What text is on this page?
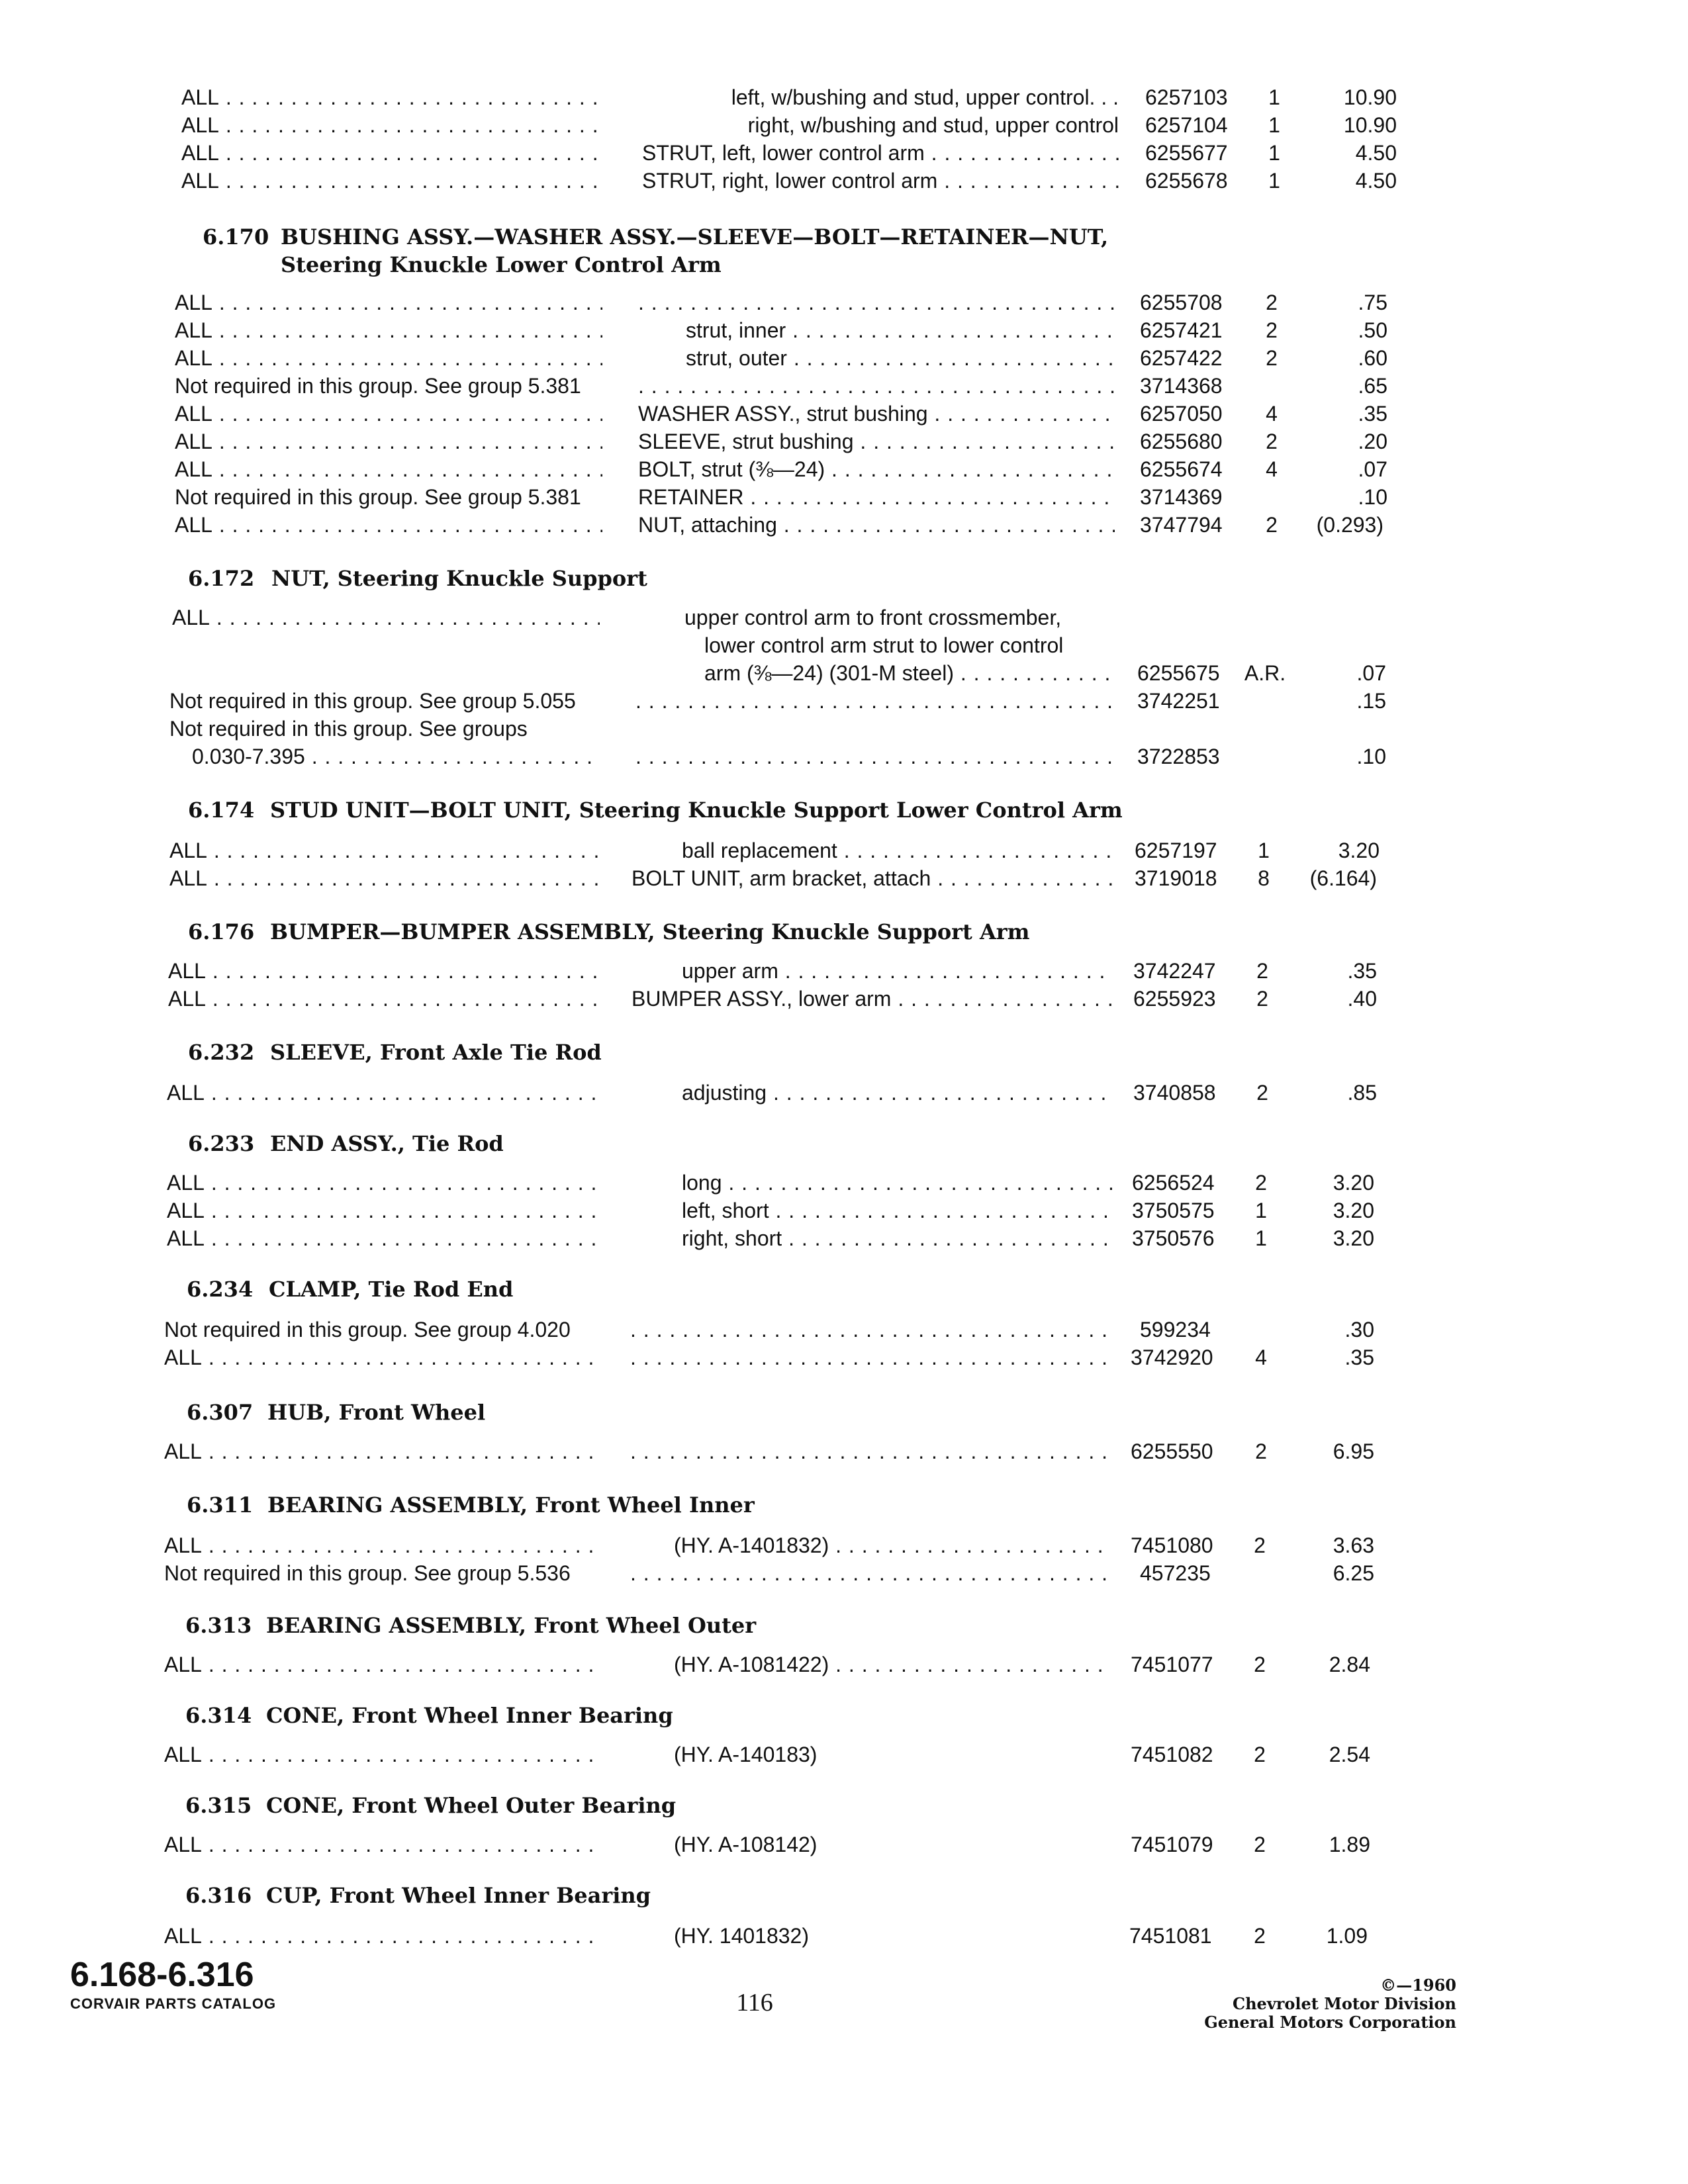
ALL . . .	left, w/bushing and stud, upper control. . . 6257103	1	10.90
ALL . . .	right, w/bushing and stud, upper control 6257104	1	10.90
ALL . . .	STRUT, left, lower control arm . . .	6255677	1	4.50
ALL . . .	STRUT, right, lower control arm . . .	6255678	1	4.50
6.170 BUSHING ASSY.—WASHER ASSY.—SLEEVE—BOLT—RETAINER—NUT,
Steering Knuckle Lower Control Arm
ALL . . . . . .	6255708	2	.75
ALL . . .	strut, inner . . .	6257421	2	.50
ALL . . .	strut, outer . . .	6257422	2	.60
Not required in this group. See group 5.381 . . .	3714368	.65
ALL . . .	WASHER ASSY., strut bushing . . .	6257050	4	.35
ALL . . .	SLEEVE, strut bushing . . .	6255680	2	.20
ALL . . .	BOLT, strut (⅜—24) . . .	6255674	4	.07
Not required in this group. See group 5.381	RETAINER . . .	3714369	.10
ALL . . .	NUT, attaching . . .	3747794	2	(0.293)
6.172 NUT, Steering Knuckle Support
ALL . . .	upper control arm to front crossmember,
lower control arm strut to lower control
arm (⅜—24) (301-M steel) . . .	6255675	A.R.	.07
Not required in this group. See group 5.055 . . .	3742251	.15
Not required in this group. See groups
0.030-7.395 . . . . . .	3722853	.10
6.174 STUD UNIT—BOLT UNIT, Steering Knuckle Support Lower Control Arm
ALL . . .	ball replacement . . .	6257197	1	3.20
ALL . . .	BOLT UNIT, arm bracket, attach . . .	3719018	8	(6.164)
6.176 BUMPER—BUMPER ASSEMBLY, Steering Knuckle Support Arm
ALL . . .	upper arm . . .	3742247	2	.35
ALL . . .	BUMPER ASSY., lower arm . . .	6255923	2	.40
6.232 SLEEVE, Front Axle Tie Rod
ALL . . .	adjusting . . .	3740858	2	.85
6.233 END ASSY., Tie Rod
ALL . . .	long . . .	6256524	2	3.20
ALL . . .	left, short . . .	3750575	1	3.20
ALL . . .	right, short . . .	3750576	1	3.20
6.234 CLAMP, Tie Rod End
Not required in this group. See group 4.020 . . .	599234	.30
ALL . . . . . .	3742920	4	.35
6.307 HUB, Front Wheel
ALL . . . . . .	6255550	2	6.95
6.311 BEARING ASSEMBLY, Front Wheel Inner
ALL . . .	(HY. A-1401832) . . .	7451080	2	3.63
Not required in this group. See group 5.536 . . .	457235	6.25
6.313 BEARING ASSEMBLY, Front Wheel Outer
ALL . . .	(HY. A-1081422) . . .	7451077	2	2.84
6.314 CONE, Front Wheel Inner Bearing
ALL . . .	(HY. A-140183)	7451082	2	2.54
6.315 CONE, Front Wheel Outer Bearing
ALL . . .	(HY. A-108142)	7451079	2	1.89
6.316 CUP, Front Wheel Inner Bearing
ALL . . .	(HY. 1401832)	7451081	2	1.09
6.168-6.316
CORVAIR PARTS CATALOG	116
©—1960
Chevrolet Motor Division
General Motors Corporation
